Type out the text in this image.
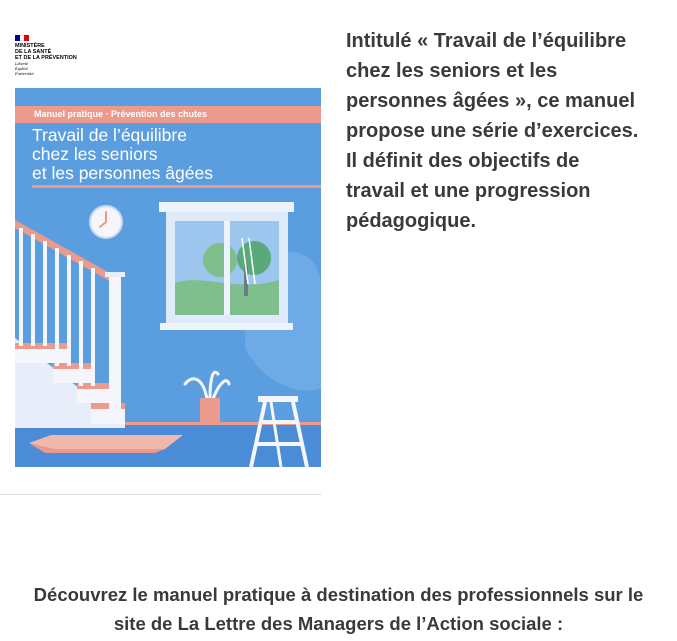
MINISTÈRE
DE LA SANTÉ
ET DE LA PRÉVENTION
Liberté
Égalité
Fraternité
Manuel pratique · Prévention des chutes
Travail de l’équilibre
chez les seniors
et les personnes âgées
Intitulé « Travail de l’équilibre
chez les seniors et les
personnes âgées », ce manuel
propose une série d’exercices.
Il définit des objectifs de
travail et une progression
pédagogique.
Découvrez le manuel pratique à destination des professionnels sur le
site de La Lettre des Managers de l’Action sociale :
